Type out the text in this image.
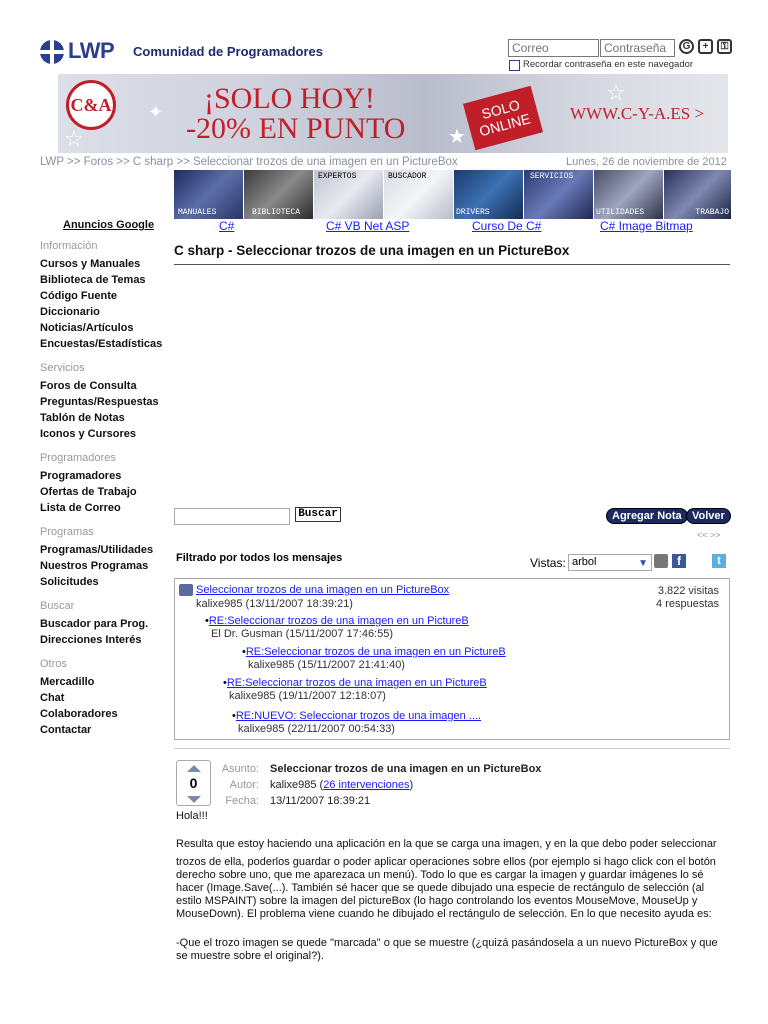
LWP Comunidad de Programadores
Correo
Contraseña	G	+	⚿
Recordar contraseña en este navegador
C&A ✦
☆
¡SOLO HOY!
-20% EN PUNTO ★
SOLO ONLINE
☆
WWW.C-Y-A.ES >
LWP >> Foros >> C sharp >> Seleccionar trozos de una imagen en un PictureBox	Lunes, 26 de noviembre de 2012
MANUALES	BIBLIOTECA
EXPERTOS	BUSCADOR
DRIVERS
SERVICIOS
UTILIDADES	TRABAJO
Anuncios Google	C#	C# VB Net ASP	Curso De C#	C# Image Bitmap
Información
Cursos y Manuales
Biblioteca de Temas
Código Fuente
Diccionario
Noticias/Artículos
Encuestas/Estadísticas
Servicios
Foros de Consulta
Preguntas/Respuestas
Tablón de Notas
Iconos y Cursores
Programadores
Programadores
Ofertas de Trabajo
Lista de Correo
Programas
Programas/Utilidades
Nuestros Programas
Solicitudes
Buscar
Buscador para Prog.
Direcciones Interés
Otros
Mercadillo
Chat
Colaboradores
Contactar
C sharp - Seleccionar trozos de una imagen en un PictureBox
Buscar	Agregar Nota Volver
<< >>
Filtrado por todos los mensajes	Vistas: arbol	▼	f	t
Seleccionar trozos de una imagen en un PictureBox
kalixe985 (13/11/2007 18:39:21)
3.822 visitas
4 respuestas
•RE:Seleccionar trozos de una imagen en un PictureB
El Dr. Gusman (15/11/2007 17:46:55)
•RE:Seleccionar trozos de una imagen en un PictureB
kalixe985 (15/11/2007 21:41:40)
•RE:Seleccionar trozos de una imagen en un PictureB
kalixe985 (19/11/2007 12:18:07)
•RE:NUEVO: Seleccionar trozos de una imagen ....
kalixe985 (22/11/2007 00:54:33)
0
Asunto: Seleccionar trozos de una imagen en un PictureBox
Autor: kalixe985 (26 intervenciones)
Fecha: 13/11/2007 18:39:21
Hola!!!
Resulta que estoy haciendo una aplicación en la que se carga una imagen, y en la que debo poder seleccionar
trozos de ella, poderlos guardar o poder aplicar operaciones sobre ellos (por ejemplo si hago click con el botón derecho sobre uno, que me aparezaca un menú). Todo lo que es cargar la imagen y guardar imágenes lo sé hacer (Image.Save(...). También sé hacer que se quede dibujado una especie de rectángulo de selección (al estilo MSPAINT) sobre la imagen del pictureBox (lo hago controlando los eventos MouseMove, MouseUp y MouseDown). El problema viene cuando he dibujado el rectángulo de selección. En lo que necesito ayuda es:
-Que el trozo imagen se quede "marcada" o que se muestre (¿quizá pasándosela a un nuevo PictureBox y que se muestre sobre el original?).
